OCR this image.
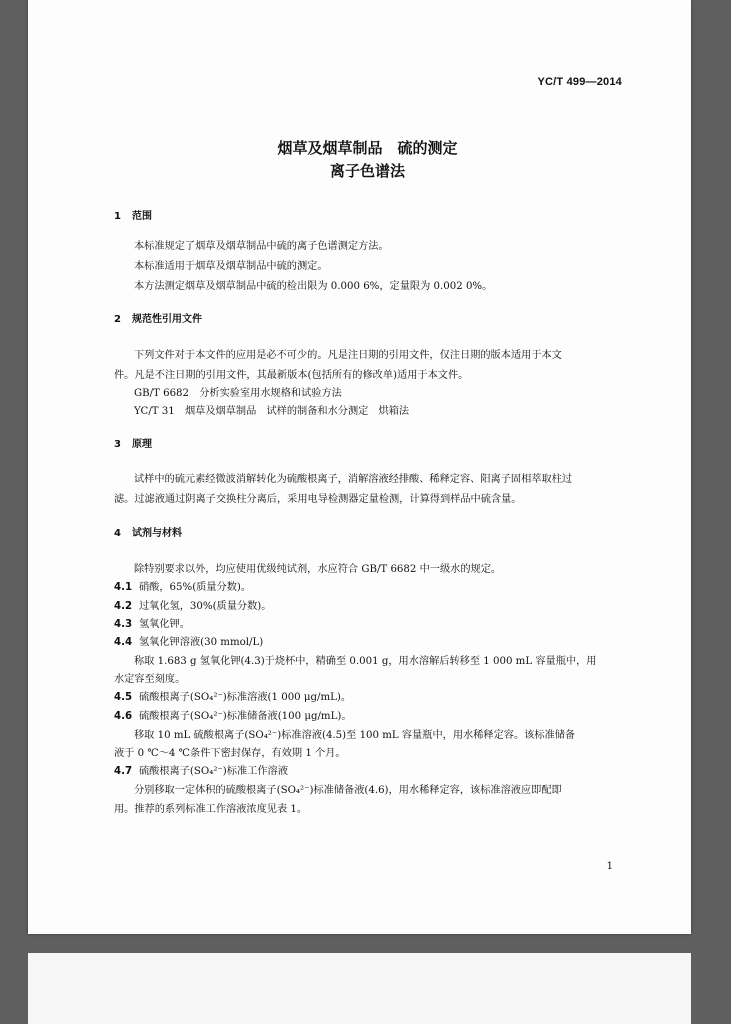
YC/T 499—2014
烟草及烟草制品　硫的测定
离子色谱法
1 范围
本标准规定了烟草及烟草制品中硫的离子色谱测定方法。
本标准适用于烟草及烟草制品中硫的测定。
本方法测定烟草及烟草制品中硫的检出限为 0.000 6%，定量限为 0.002 0%。
2 规范性引用文件
下列文件对于本文件的应用是必不可少的。凡是注日期的引用文件，仅注日期的版本适用于本文
件。凡是不注日期的引用文件，其最新版本(包括所有的修改单)适用于本文件。
GB/T 6682　分析实验室用水规格和试验方法
YC/T 31　烟草及烟草制品　试样的制备和水分测定　烘箱法
3 原理
试样中的硫元素经微波消解转化为硫酸根离子，消解溶液经排酸、稀释定容、阳离子固相萃取柱过
滤。过滤液通过阴离子交换柱分离后，采用电导检测器定量检测，计算得到样品中硫含量。
4 试剂与材料
除特别要求以外，均应使用优级纯试剂，水应符合 GB/T 6682 中一级水的规定。
4.1 硝酸，65%(质量分数)。
4.2 过氧化氢，30%(质量分数)。
4.3 氢氧化钾。
4.4 氢氧化钾溶液(30 mmol/L)
称取 1.683 g 氢氧化钾(4.3)于烧杯中，精确至 0.001 g，用水溶解后转移至 1 000 mL 容量瓶中，用
水定容至刻度。
4.5 硫酸根离子(SO₄²⁻)标准溶液(1 000 μg/mL)。
4.6 硫酸根离子(SO₄²⁻)标准储备液(100 μg/mL)。
移取 10 mL 硫酸根离子(SO₄²⁻)标准溶液(4.5)至 100 mL 容量瓶中，用水稀释定容。该标准储备
液于 0 ℃～4 ℃条件下密封保存，有效期 1 个月。
4.7 硫酸根离子(SO₄²⁻)标准工作溶液
分别移取一定体积的硫酸根离子(SO₄²⁻)标准储备液(4.6)，用水稀释定容，该标准溶液应即配即
用。推荐的系列标准工作溶液浓度见表 1。
1
